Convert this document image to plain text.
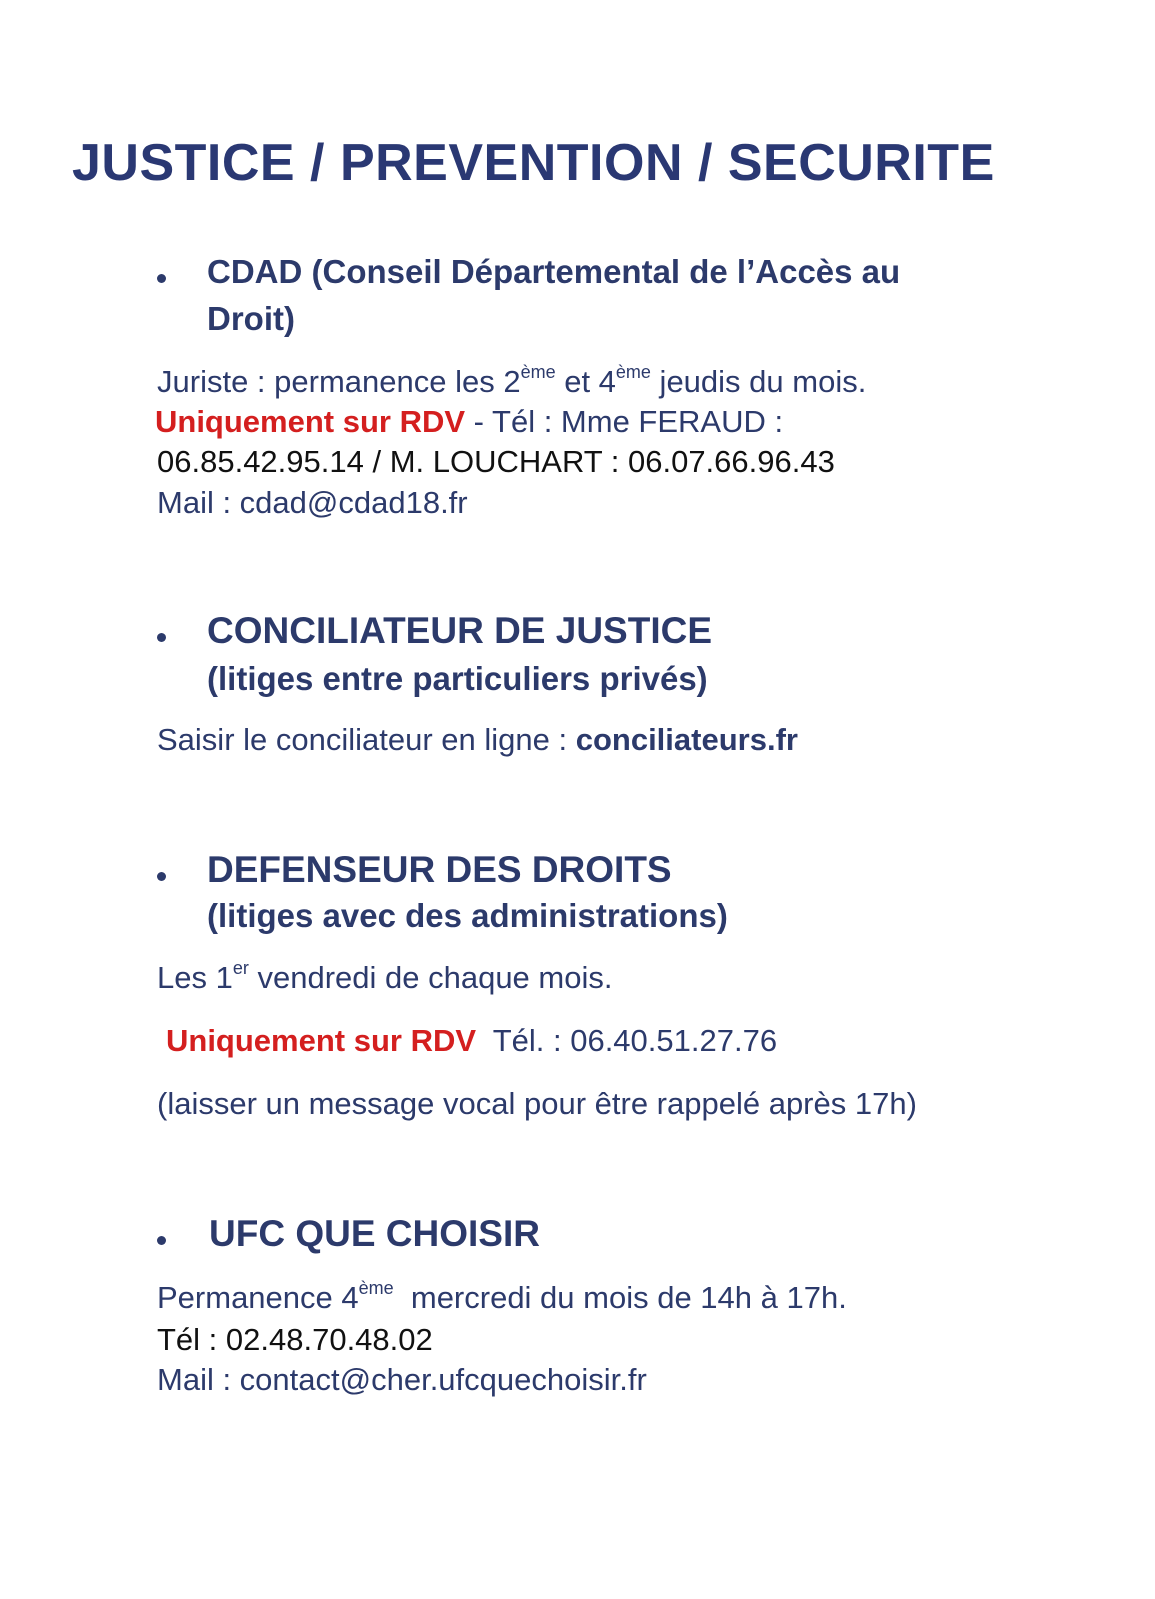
JUSTICE / PREVENTION / SECURITE
CDAD (Conseil Départemental de l’Accès au
Droit)
Juriste : permanence les 2ème et 4ème jeudis du mois.
Uniquement sur RDV - Tél : Mme FERAUD :
06.85.42.95.14 / M. LOUCHART : 06.07.66.96.43
Mail : cdad@cdad18.fr
CONCILIATEUR DE JUSTICE
(litiges entre particuliers privés)
Saisir le conciliateur en ligne : conciliateurs.fr
DEFENSEUR DES DROITS
(litiges avec des administrations)
Les 1er vendredi de chaque mois.
Uniquement sur RDV  Tél. : 06.40.51.27.76
(laisser un message vocal pour être rappelé après 17h)
UFC QUE CHOISIR
Permanence 4ème  mercredi du mois de 14h à 17h.
Tél : 02.48.70.48.02
Mail : contact@cher.ufcquechoisir.fr
